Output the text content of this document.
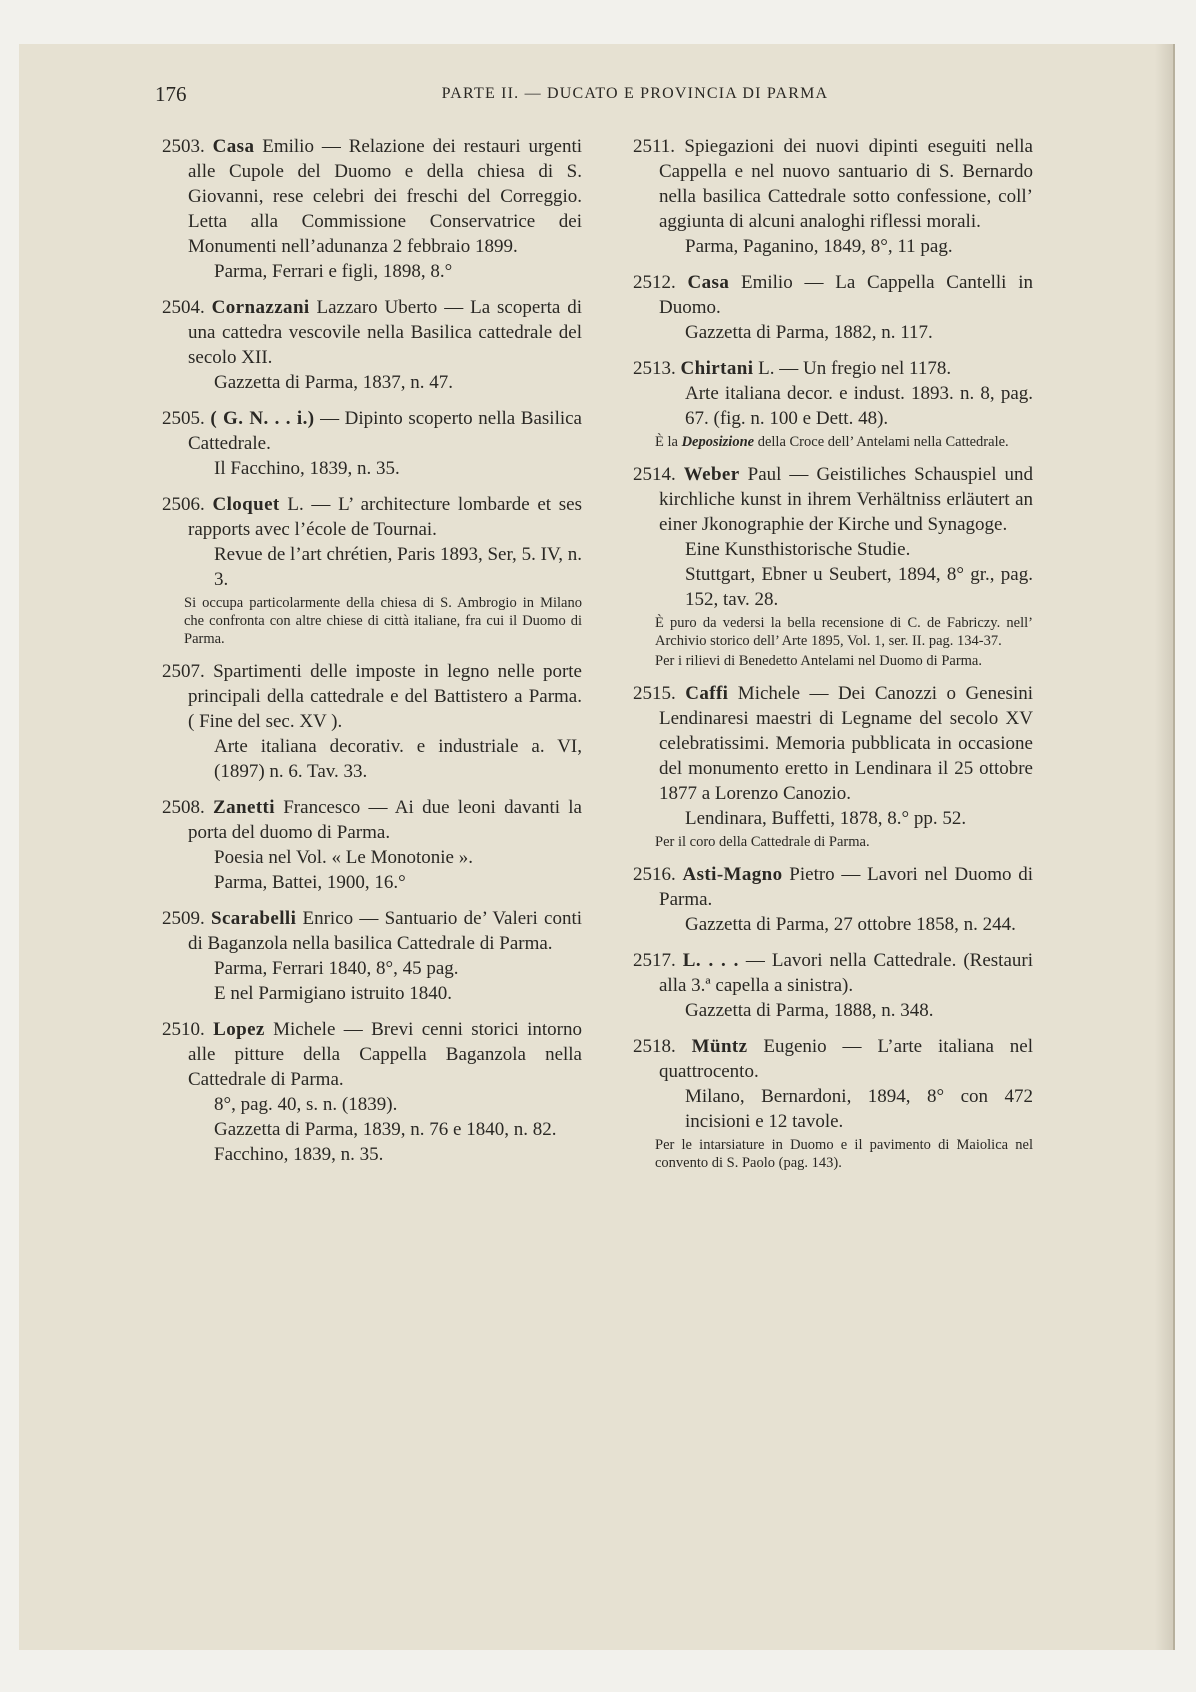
176	PARTE II. — DUCATO E PROVINCIA DI PARMA
2503. Casa Emilio — Relazione dei restauri urgenti alle Cupole del Duomo e della chiesa di S. Giovanni, rese celebri dei freschi del Correggio. Letta alla Commissione Conservatrice dei Monumenti nell’adunanza 2 febbraio 1899.
Parma, Ferrari e figli, 1898, 8.°
2504. Cornazzani Lazzaro Uberto — La scoperta di una cattedra vescovile nella Basilica cattedrale del secolo XII.
Gazzetta di Parma, 1837, n. 47.
2505. ( G. N. . . i.) — Dipinto scoperto nella Basilica Cattedrale.
Il Facchino, 1839, n. 35.
2506. Cloquet L. — L’ architecture lombarde et ses rapports avec l’école de Tournai.
Revue de l’art chrétien, Paris 1893, Ser, 5. IV, n. 3.
Si occupa particolarmente della chiesa di S. Ambrogio in Milano che confronta con altre chiese di città italiane, fra cui il Duomo di Parma.
2507. Spartimenti delle imposte in legno nelle porte principali della cattedrale e del Battistero a Parma. ( Fine del sec. XV ).
Arte italiana decorativ. e industriale a. VI, (1897) n. 6. Tav. 33.
2508. Zanetti Francesco — Ai due leoni davanti la porta del duomo di Parma.
Poesia nel Vol. « Le Monotonie ».
Parma, Battei, 1900, 16.°
2509. Scarabelli Enrico — Santuario de’ Valeri conti di Baganzola nella basilica Cattedrale di Parma.
Parma, Ferrari 1840, 8°, 45 pag.
E nel Parmigiano istruito 1840.
2510. Lopez Michele — Brevi cenni storici intorno alle pitture della Cappella Baganzola nella Cattedrale di Parma.
8°, pag. 40, s. n. (1839).
Gazzetta di Parma, 1839, n. 76 e 1840, n. 82.
Facchino, 1839, n. 35.
2511. Spiegazioni dei nuovi dipinti eseguiti nella Cappella e nel nuovo santuario di S. Bernardo nella basilica Cattedrale sotto confessione, coll’ aggiunta di alcuni analoghi riflessi morali.
Parma, Paganino, 1849, 8°, 11 pag.
2512. Casa Emilio — La Cappella Cantelli in Duomo.
Gazzetta di Parma, 1882, n. 117.
2513. Chirtani L. — Un fregio nel 1178.
Arte italiana decor. e indust. 1893. n. 8, pag. 67. (fig. n. 100 e Dett. 48).
È la Deposizione della Croce dell’ Antelami nella Cattedrale.
2514. Weber Paul — Geistiliches Schauspiel und kirchliche kunst in ihrem Verhältniss erläutert an einer Jkonographie der Kirche und Synagoge.
Eine Kunsthistorische Studie.
Stuttgart, Ebner u Seubert, 1894, 8° gr., pag. 152, tav. 28.
È puro da vedersi la bella recensione di C. de Fabriczy. nell’ Archivio storico dell’ Arte 1895, Vol. 1, ser. II. pag. 134-37.
Per i rilievi di Benedetto Antelami nel Duomo di Parma.
2515. Caffi Michele — Dei Canozzi o Genesini Lendinaresi maestri di Legname del secolo XV celebratissimi. Memoria pubblicata in occasione del monumento eretto in Lendinara il 25 ottobre 1877 a Lorenzo Canozio.
Lendinara, Buffetti, 1878, 8.° pp. 52.
Per il coro della Cattedrale di Parma.
2516. Asti-Magno Pietro — Lavori nel Duomo di Parma.
Gazzetta di Parma, 27 ottobre 1858, n. 244.
2517. L. . . . — Lavori nella Cattedrale. (Restauri alla 3.ª capella a sinistra).
Gazzetta di Parma, 1888, n. 348.
2518. Müntz Eugenio — L’arte italiana nel quattrocento.
Milano, Bernardoni, 1894, 8° con 472 incisioni e 12 tavole.
Per le intarsiature in Duomo e il pavimento di Maiolica nel convento di S. Paolo (pag. 143).
